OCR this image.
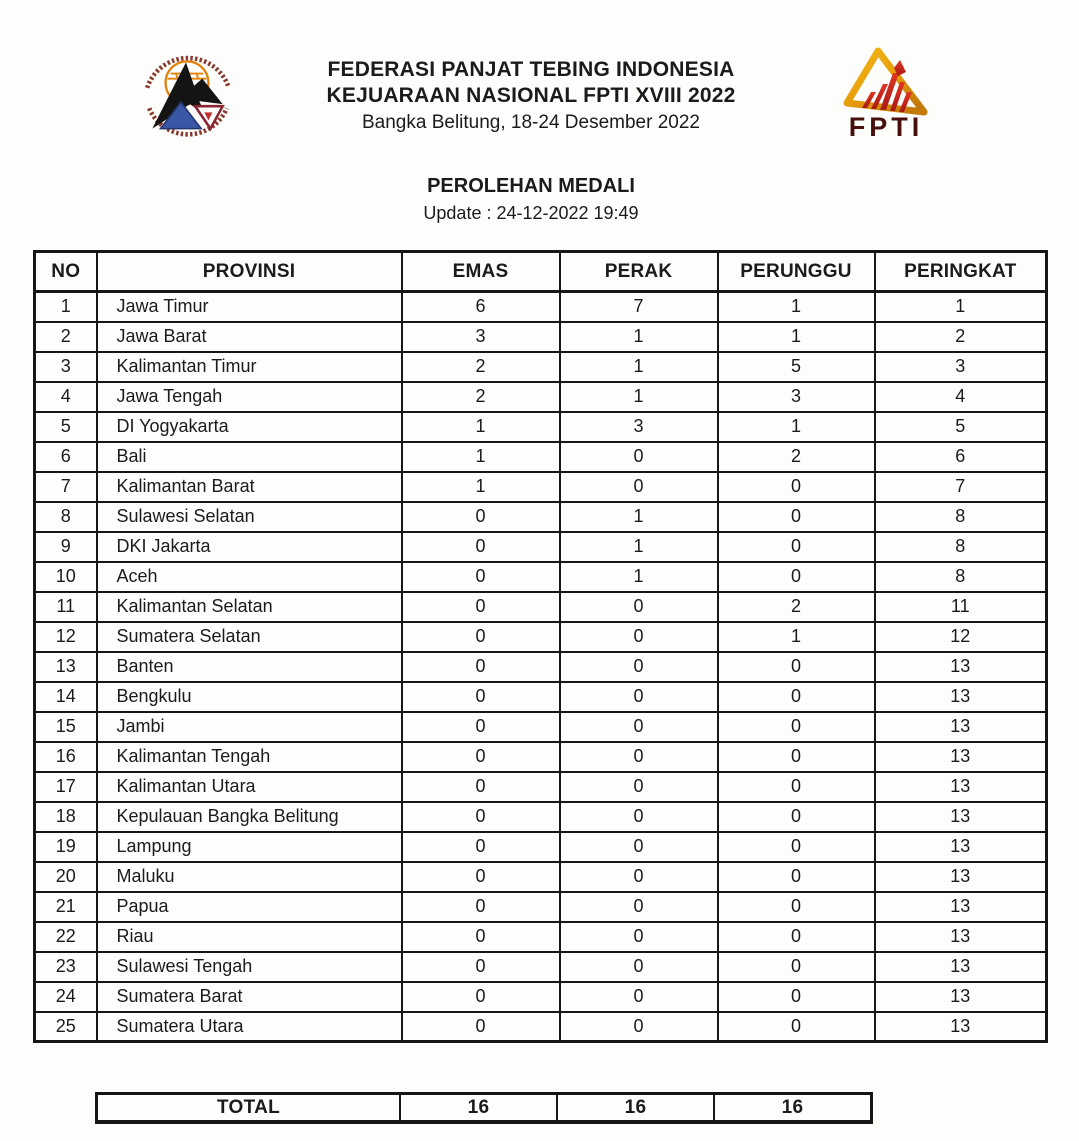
FEDERASI PANJAT TEBING INDONESIA
KEJUARAAN NASIONAL FPTI XVIII 2022
Bangka Belitung, 18-24 Desember 2022	FPTI
PEROLEHAN MEDALI
Update : 24-12-2022 19:49
NO	PROVINSI	EMAS	PERAK	PERUNGGU	PERINGKAT
1	Jawa Timur	6	7	1	1
2	Jawa Barat	3	1	1	2
3	Kalimantan Timur	2	1	5	3
4	Jawa Tengah	2	1	3	4
5	DI Yogyakarta	1	3	1	5
6	Bali	1	0	2	6
7	Kalimantan Barat	1	0	0	7
8	Sulawesi Selatan	0	1	0	8
9	DKI Jakarta	0	1	0	8
10	Aceh	0	1	0	8
11	Kalimantan Selatan	0	0	2	11
12	Sumatera Selatan	0	0	1	12
13	Banten	0	0	0	13
14	Bengkulu	0	0	0	13
15	Jambi	0	0	0	13
16	Kalimantan Tengah	0	0	0	13
17	Kalimantan Utara	0	0	0	13
18	Kepulauan Bangka Belitung	0	0	0	13
19	Lampung	0	0	0	13
20	Maluku	0	0	0	13
21	Papua	0	0	0	13
22	Riau	0	0	0	13
23	Sulawesi Tengah	0	0	0	13
24	Sumatera Barat	0	0	0	13
25	Sumatera Utara	0	0	0	13
TOTAL	16	16	16
